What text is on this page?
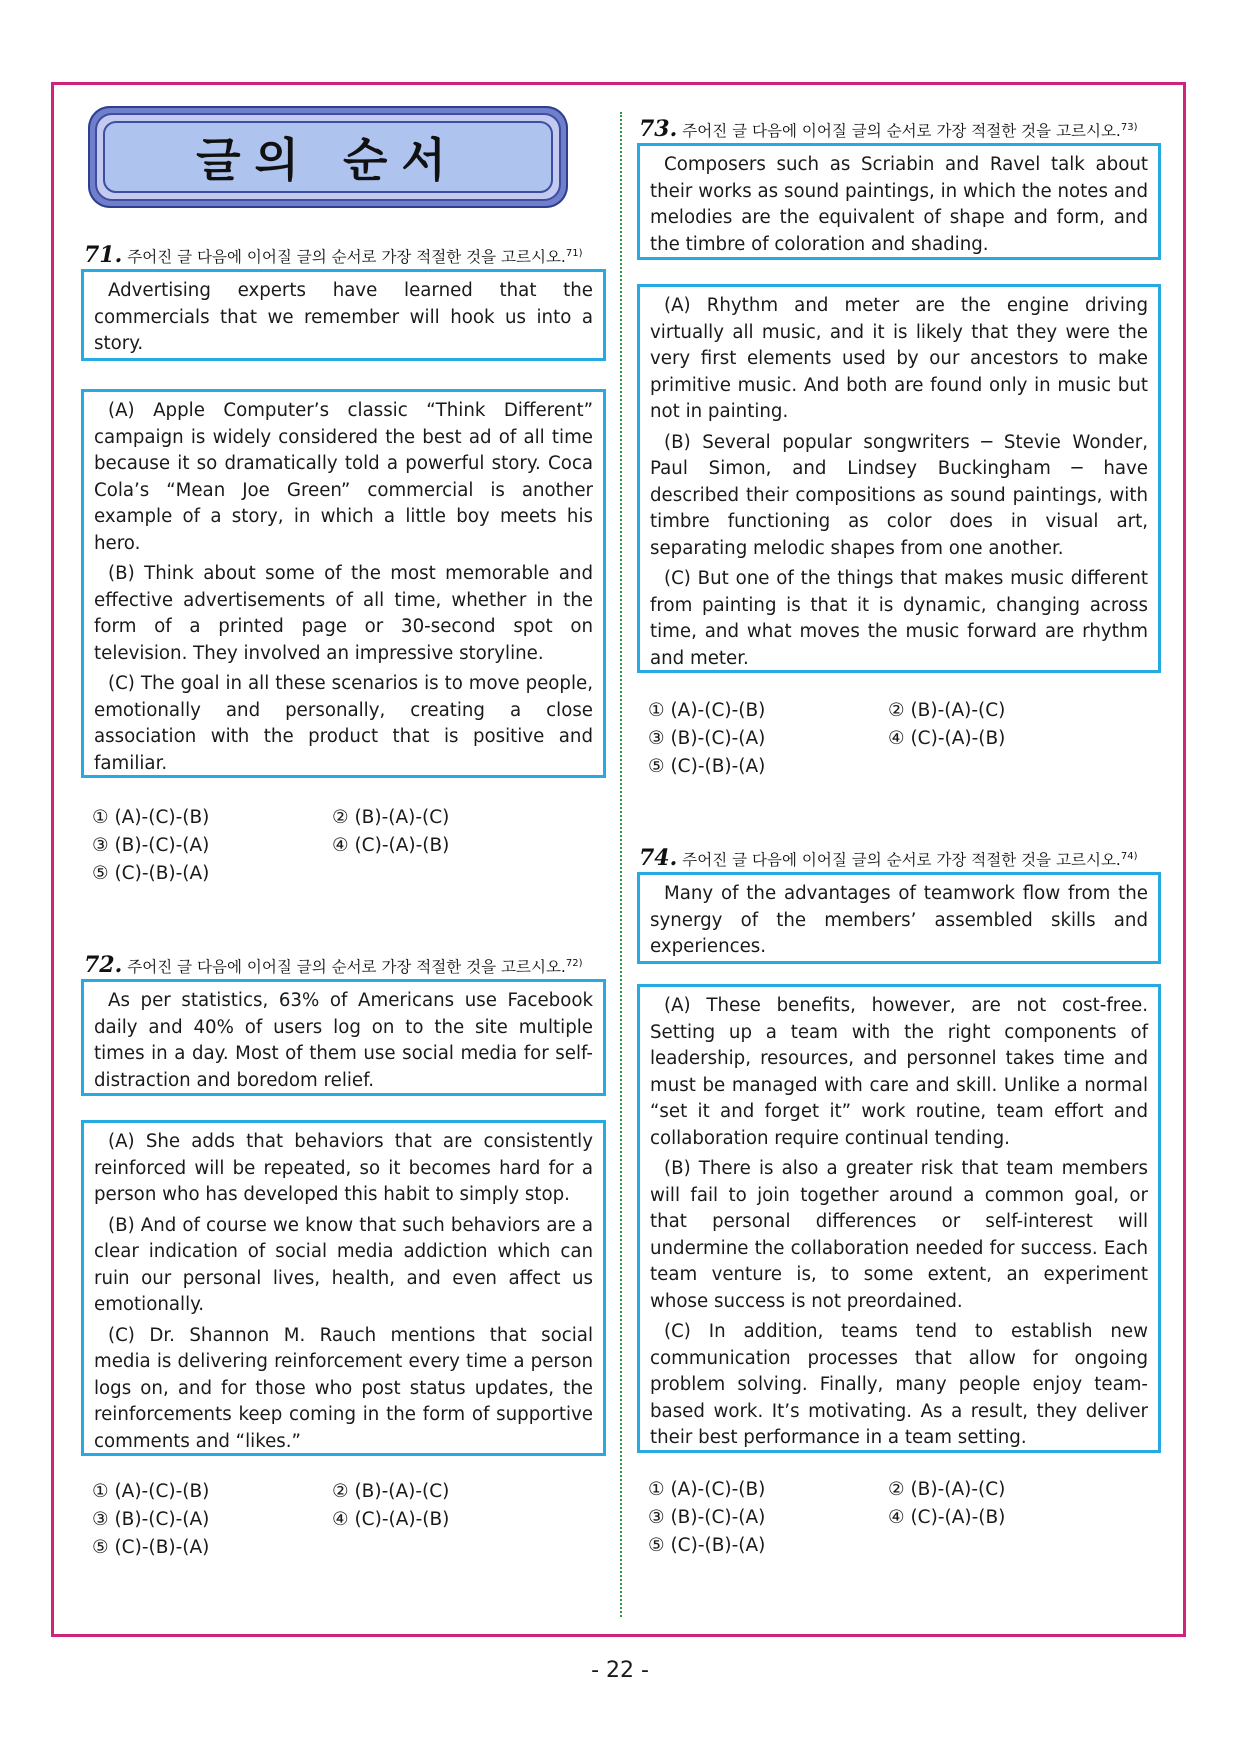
글의 순서
71. 주어진 글 다음에 이어질 글의 순서로 가장 적절한 것을 고르시오.$^{71)}$

Advertising experts have learned that the commercials that we remember will hook us into a story.

(A) Apple Computer’s classic “Think Different” campaign is widely considered the best ad of all time because it so dramatically told a powerful story. Coca Cola’s “Mean Joe Green” commercial is another example of a story, in which a little boy meets his hero.

(B) Think about some of the most memorable and effective advertisements of all time, whether in the form of a printed page or 30-second spot on television. They involved an impressive storyline.

(C) The goal in all these scenarios is to move people, emotionally and personally, creating a close association with the product that is positive and familiar.

① (A)-(C)-(B)	② (B)-(A)-(C)
③ (B)-(C)-(A)	④ (C)-(A)-(B)
⑤ (C)-(B)-(A)
72. 주어진 글 다음에 이어질 글의 순서로 가장 적절한 것을 고르시오.$^{72)}$

As per statistics, 63% of Americans use Facebook daily and 40% of users log on to the site multiple times in a day. Most of them use social media for self-distraction and boredom relief.

(A) She adds that behaviors that are consistently reinforced will be repeated, so it becomes hard for a person who has developed this habit to simply stop.

(B) And of course we know that such behaviors are a clear indication of social media addiction which can ruin our personal lives, health, and even affect us emotionally.

(C) Dr. Shannon M. Rauch mentions that social media is delivering reinforcement every time a person logs on, and for those who post status updates, the reinforcements keep coming in the form of supportive comments and “likes.”

① (A)-(C)-(B)	② (B)-(A)-(C)
③ (B)-(C)-(A)	④ (C)-(A)-(B)
⑤ (C)-(B)-(A)
73. 주어진 글 다음에 이어질 글의 순서로 가장 적절한 것을 고르시오.$^{73)}$

Composers such as Scriabin and Ravel talk about their works as sound paintings, in which the notes and melodies are the equivalent of shape and form, and the timbre of coloration and shading.

(A) Rhythm and meter are the engine driving virtually all music, and it is likely that they were the very first elements used by our ancestors to make primitive music. And both are found only in music but not in painting.

(B) Several popular songwriters ─ Stevie Wonder, Paul Simon, and Lindsey Buckingham ─ have described their compositions as sound paintings, with timbre functioning as color does in visual art, separating melodic shapes from one another.

(C) But one of the things that makes music different from painting is that it is dynamic, changing across time, and what moves the music forward are rhythm and meter.

① (A)-(C)-(B)	② (B)-(A)-(C)
③ (B)-(C)-(A)	④ (C)-(A)-(B)
⑤ (C)-(B)-(A)
74. 주어진 글 다음에 이어질 글의 순서로 가장 적절한 것을 고르시오.$^{74)}$

Many of the advantages of teamwork flow from the synergy of the members’ assembled skills and experiences.

(A) These benefits, however, are not cost-free. Setting up a team with the right components of leadership, resources, and personnel takes time and must be managed with care and skill. Unlike a normal “set it and forget it” work routine, team effort and collaboration require continual tending.

(B) There is also a greater risk that team members will fail to join together around a common goal, or that personal differences or self-interest will undermine the collaboration needed for success. Each team venture is, to some extent, an experiment whose success is not preordained.

(C) In addition, teams tend to establish new communication processes that allow for ongoing problem solving. Finally, many people enjoy team-based work. It’s motivating. As a result, they deliver their best performance in a team setting.

① (A)-(C)-(B)	② (B)-(A)-(C)
③ (B)-(C)-(A)	④ (C)-(A)-(B)
⑤ (C)-(B)-(A)
- 22 -
